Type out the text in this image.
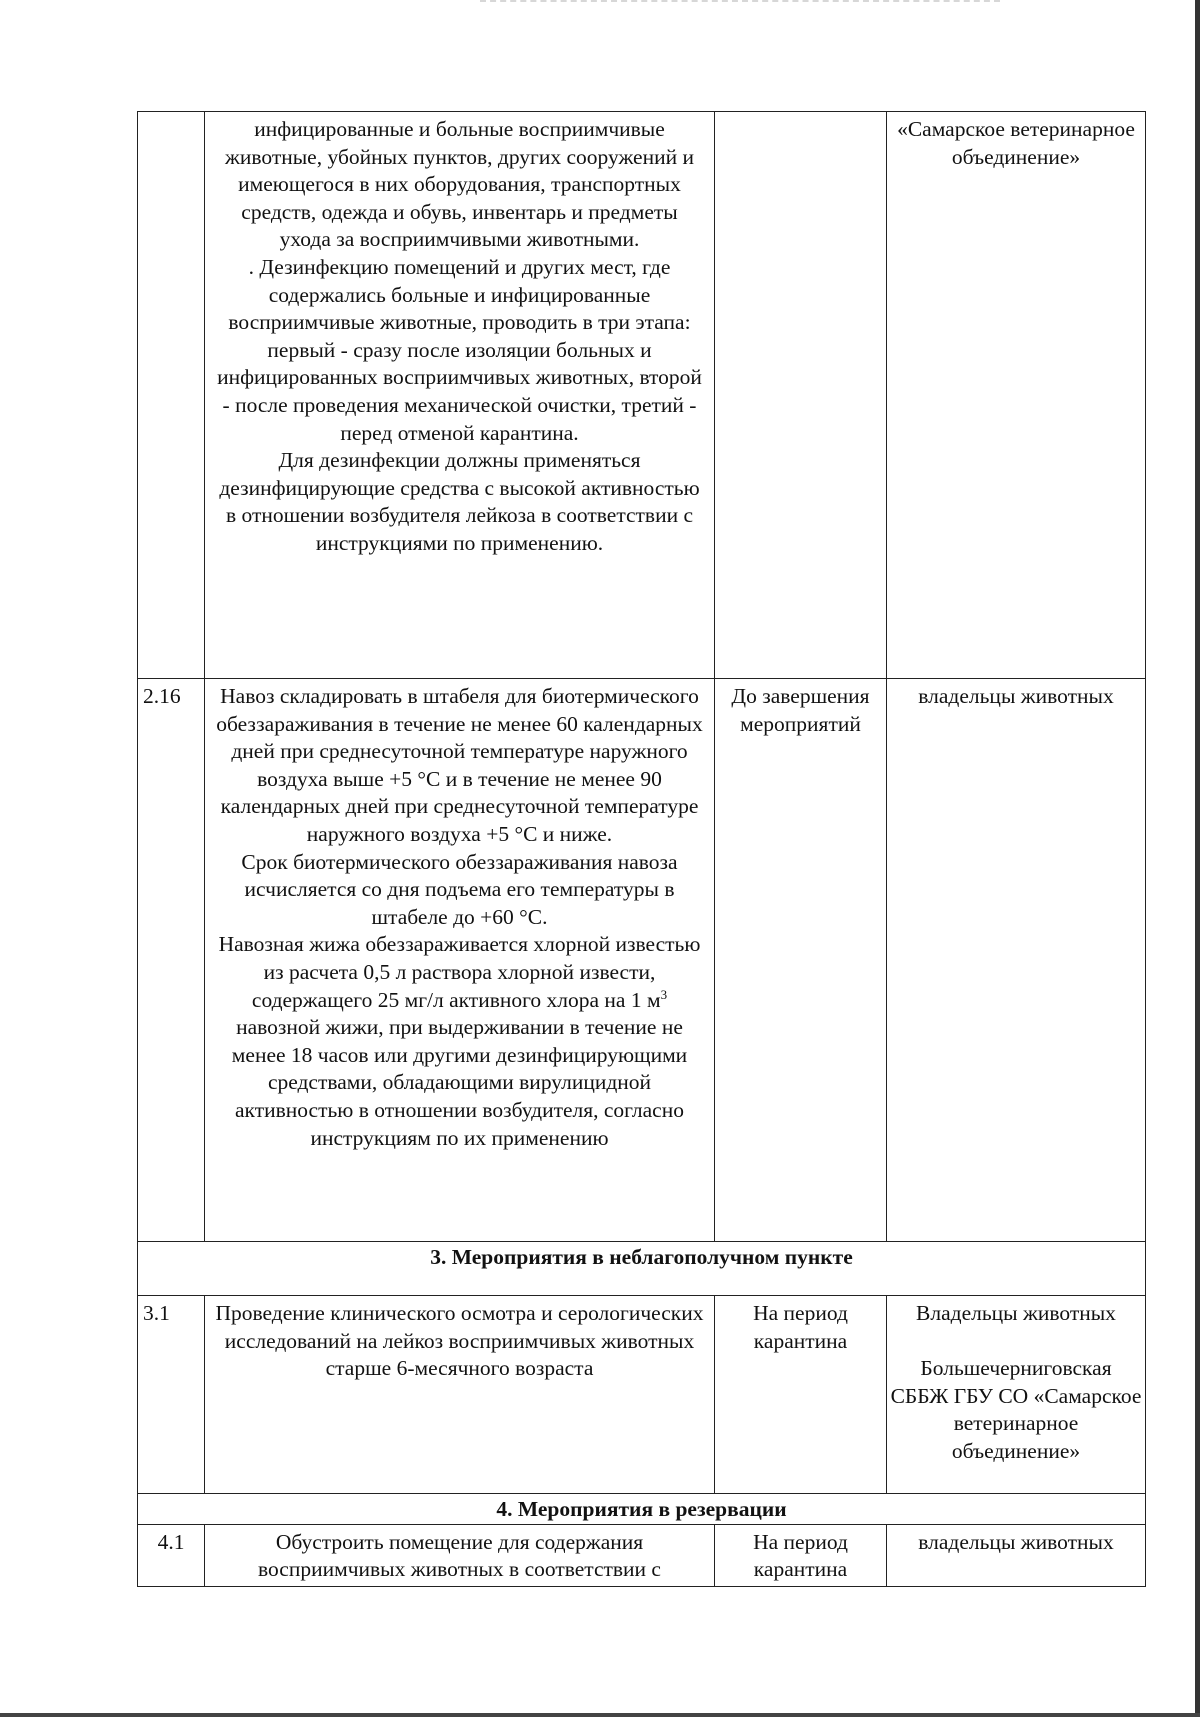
	инфицированные и больные восприимчивые животные, убойных пунктов, других сооружений и имеющегося в них оборудования, транспортных средств, одежда и обувь, инвентарь и предметы ухода за восприимчивыми животными.

. Дезинфекцию помещений и других мест, где содержались больные и инфицированные восприимчивые животные, проводить в три этапа: первый - сразу после изоляции больных и инфицированных восприимчивых животных, второй - после проведения механической очистки, третий - перед отменой карантина.

Для дезинфекции должны применяться дезинфицирующие средства с высокой активностью в отношении возбудителя лейкоза в соответствии с инструкциями по применению.		«Самарское ветеринарное объединение»
2.16	Навоз складировать в штабеля для биотермического обеззараживания в течение не менее 60 календарных дней при среднесуточной температуре наружного воздуха выше +5 °С и в течение не менее 90 календарных дней при среднесуточной температуре наружного воздуха +5 °С и ниже.

Срок биотермического обеззараживания навоза исчисляется со дня подъема его температуры в штабеле до +60 °С.

Навозная жижа обеззараживается хлорной известью из расчета 0,5 л раствора хлорной извести, содержащего 25 мг/л активного хлора на 1 $м^3$ навозной жижи, при выдерживании в течение не менее 18 часов или другими дезинфицирующими средствами, обладающими вирулицидной активностью в отношении возбудителя, согласно инструкциям по их применению	До завершения мероприятий	владельцы животных
3. Мероприятия в неблагополучном пункте			
3.1	Проведение клинического осмотра и серологических исследований на лейкоз восприимчивых животных старше 6-месячного возраста	На период карантина	Владельцы животных

Большечерниговская СББЖ ГБУ СО «Самарское ветеринарное объединение»

4. Мероприятия в резервации			
4.1	Обустроить помещение для содержания восприимчивых животных в соответствии с	На период карантина	владельцы животных
